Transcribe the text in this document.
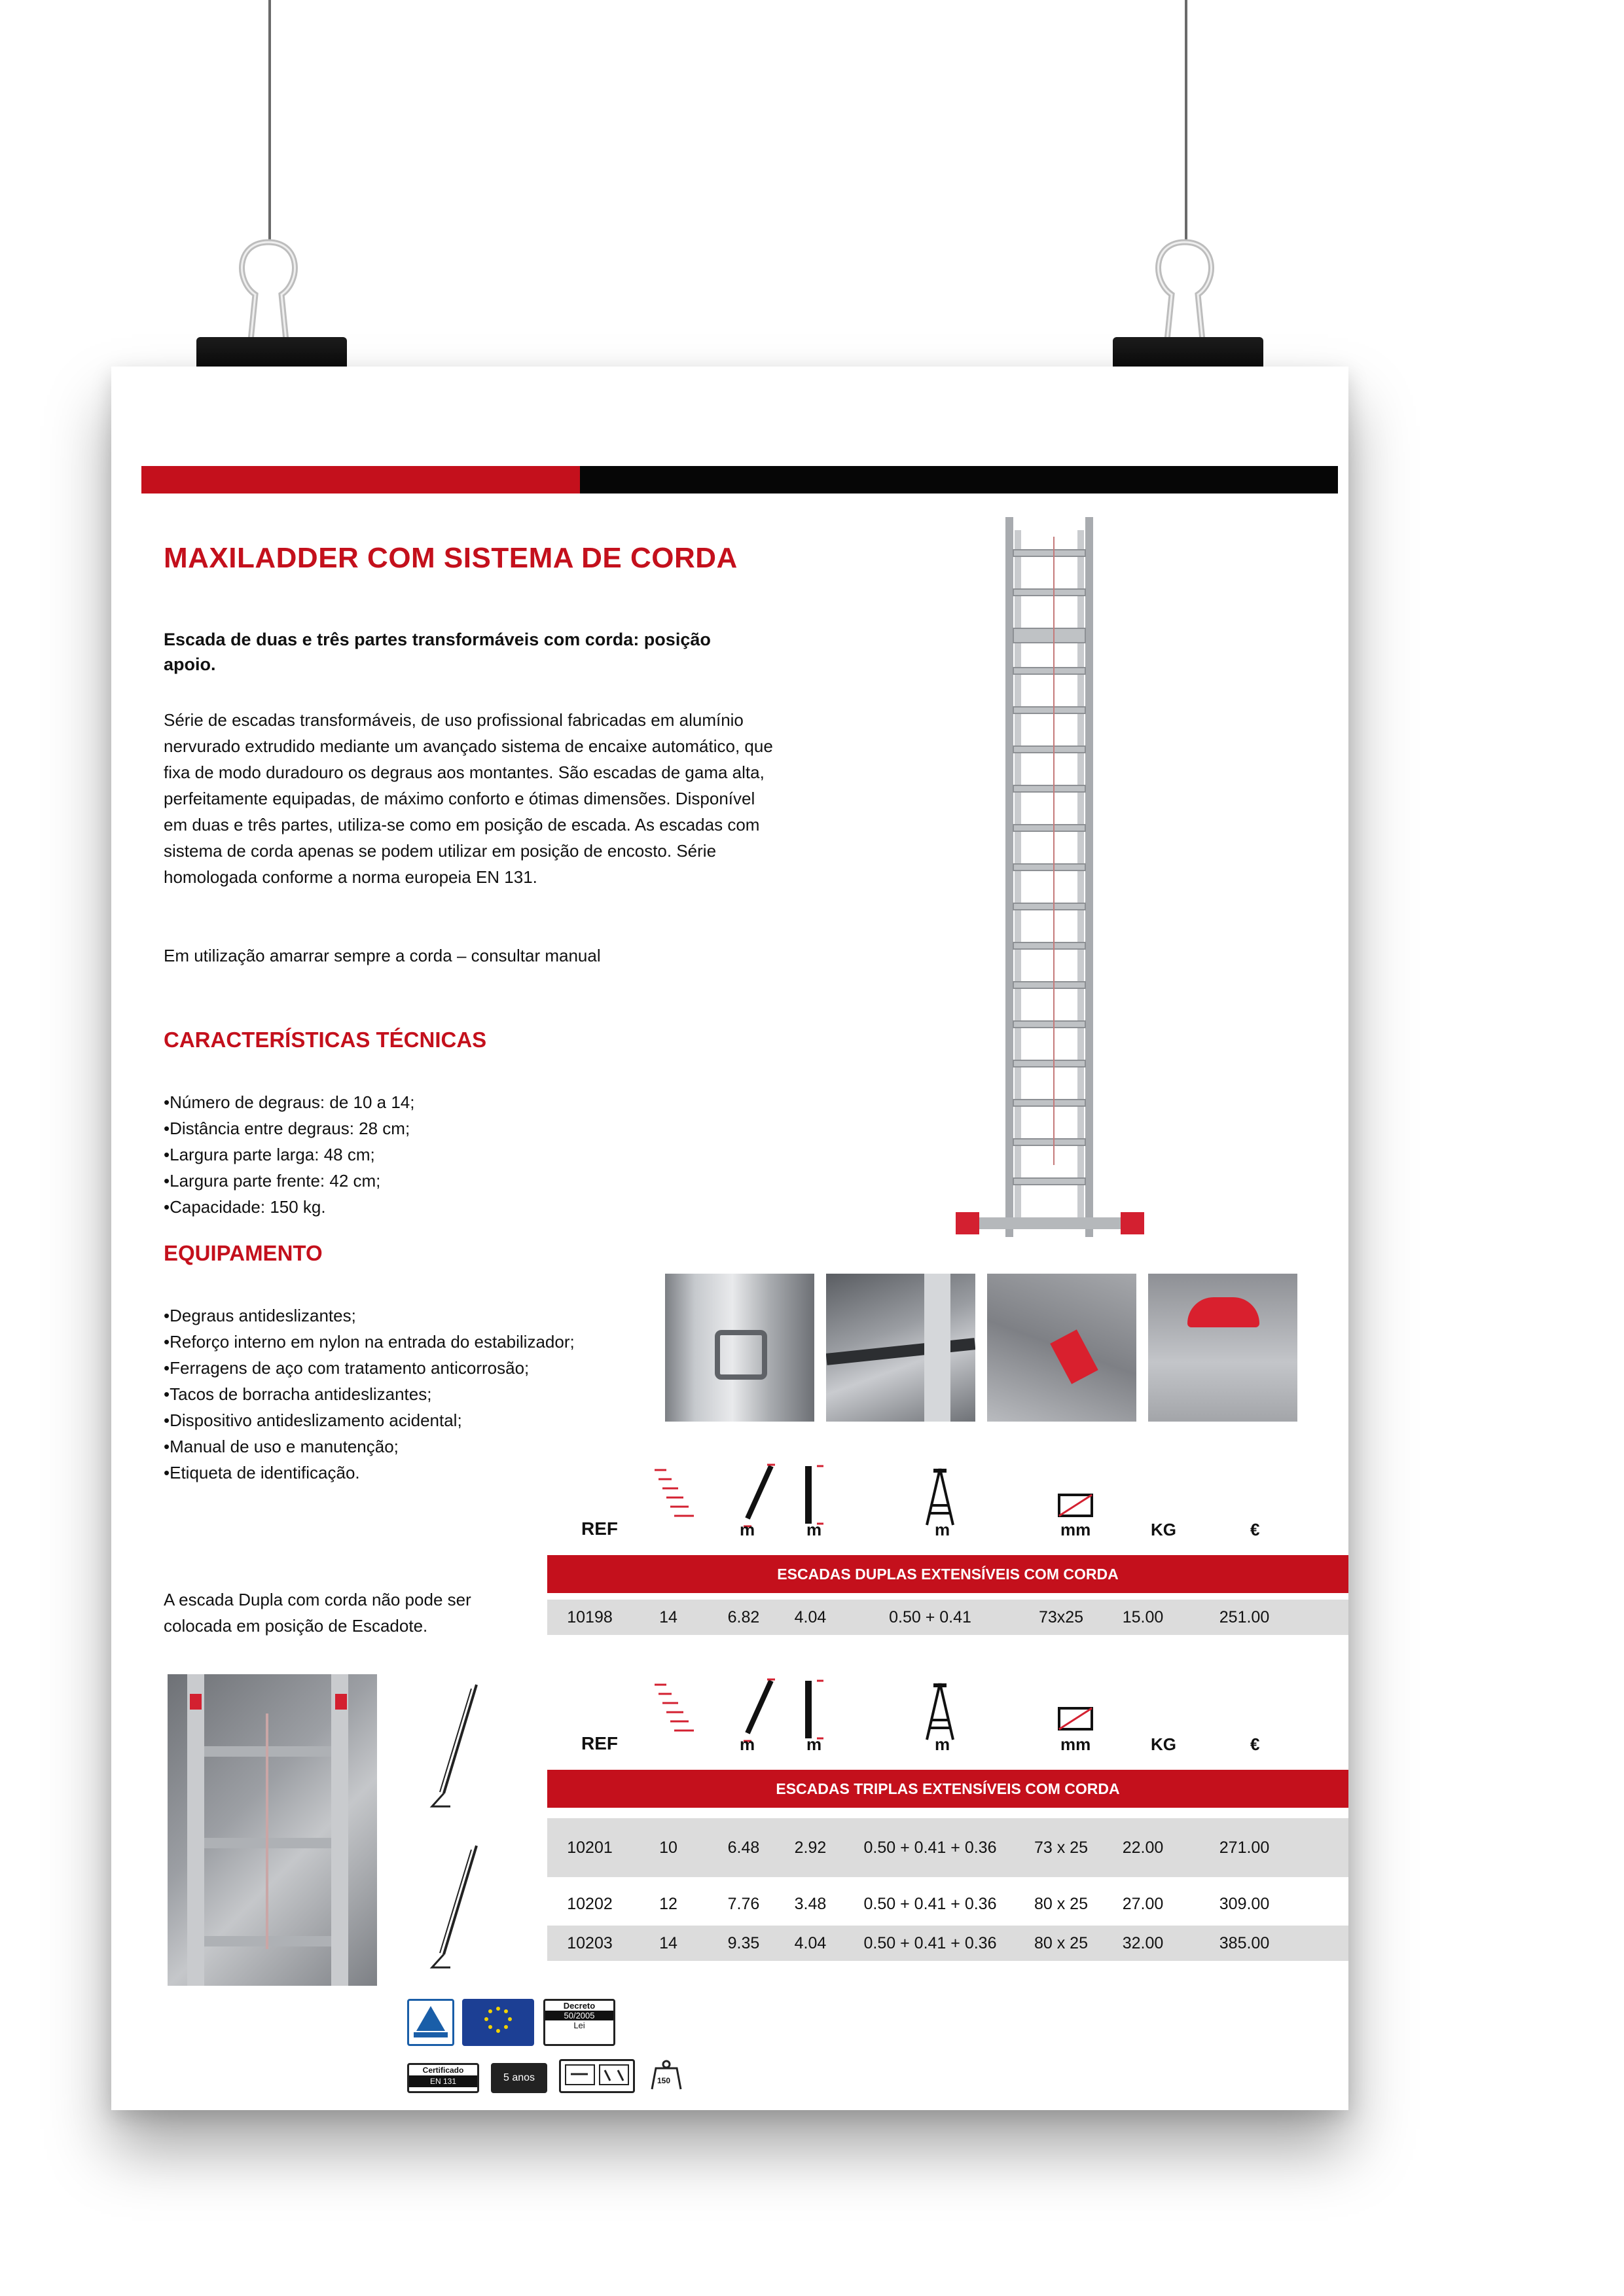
MAXILADDER COM SISTEMA DE CORDA
Escada de duas e três partes transformáveis com corda: posição apoio.
Série de escadas transformáveis, de uso profissional fabricadas em alumínio nervurado extrudido mediante um avançado sistema de encaixe automático, que fixa de modo duradouro os degraus aos montantes. São escadas de gama alta, perfeitamente equipadas, de máximo conforto e ótimas dimensões. Disponível em duas e três partes, utiliza-se como em posição de escada. As escadas com sistema de corda apenas se podem utilizar em posição de encosto. Série homologada conforme a norma europeia EN 131.
Em utilização amarrar sempre a corda – consultar manual
CARACTERÍSTICAS TÉCNICAS
• Número de degraus: de 10 a 14;
• Distância entre degraus: 28 cm;
• Largura parte larga: 48 cm;
• Largura parte frente: 42 cm;
• Capacidade: 150 kg.
EQUIPAMENTO
• Degraus antideslizantes;
• Reforço interno em nylon na entrada do estabilizador;
• Ferragens de aço com tratamento anticorrosão;
• Tacos de borracha antideslizantes;
• Dispositivo antideslizamento acidental;
• Manual de uso e manutenção;
• Etiqueta de identificação.
REF	m	m	m	mm	KG	€
ESCADAS DUPLAS EXTENSÍVEIS COM CORDA
10198	14	6.82	4.04	0.50 + 0.41	73x25	15.00	251.00
A escada Dupla com corda não pode ser colocada em posição de Escadote.
REF	m	m	m	mm	KG	€
ESCADAS TRIPLAS EXTENSÍVEIS COM CORDA
10201	10	6.48	2.92	0.50 + 0.41 + 0.36	73 x 25	22.00	271.00
10202	12	7.76	3.48	0.50 + 0.41 + 0.36	80 x 25	27.00	309.00
10203	14	9.35	4.04	0.50 + 0.41 + 0.36	80 x 25	32.00	385.00
Decreto
50/2005
Lei
Certificado
EN 131	5 anos	150
